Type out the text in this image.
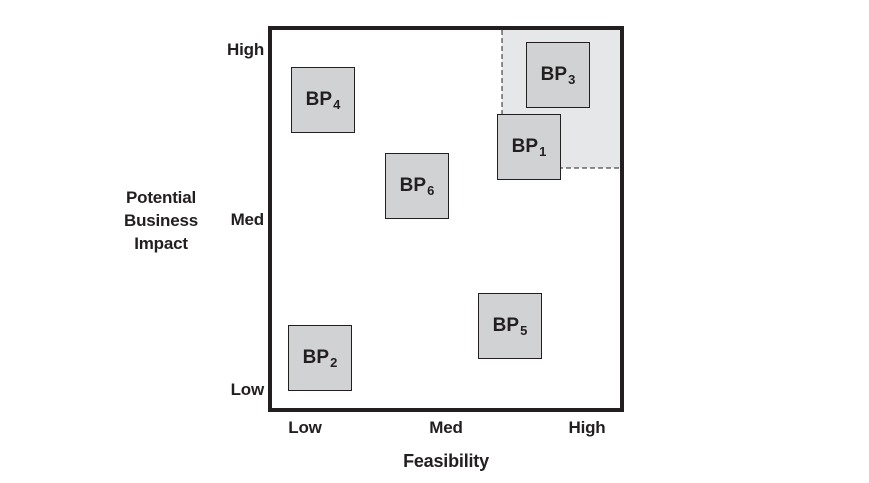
Potential
Business
Impact
High
Med
Low
Low	Med	High
Feasibility
$BP_1$
$BP_2$
$BP_3$
$BP_4$
$BP_5$
$BP_6$
